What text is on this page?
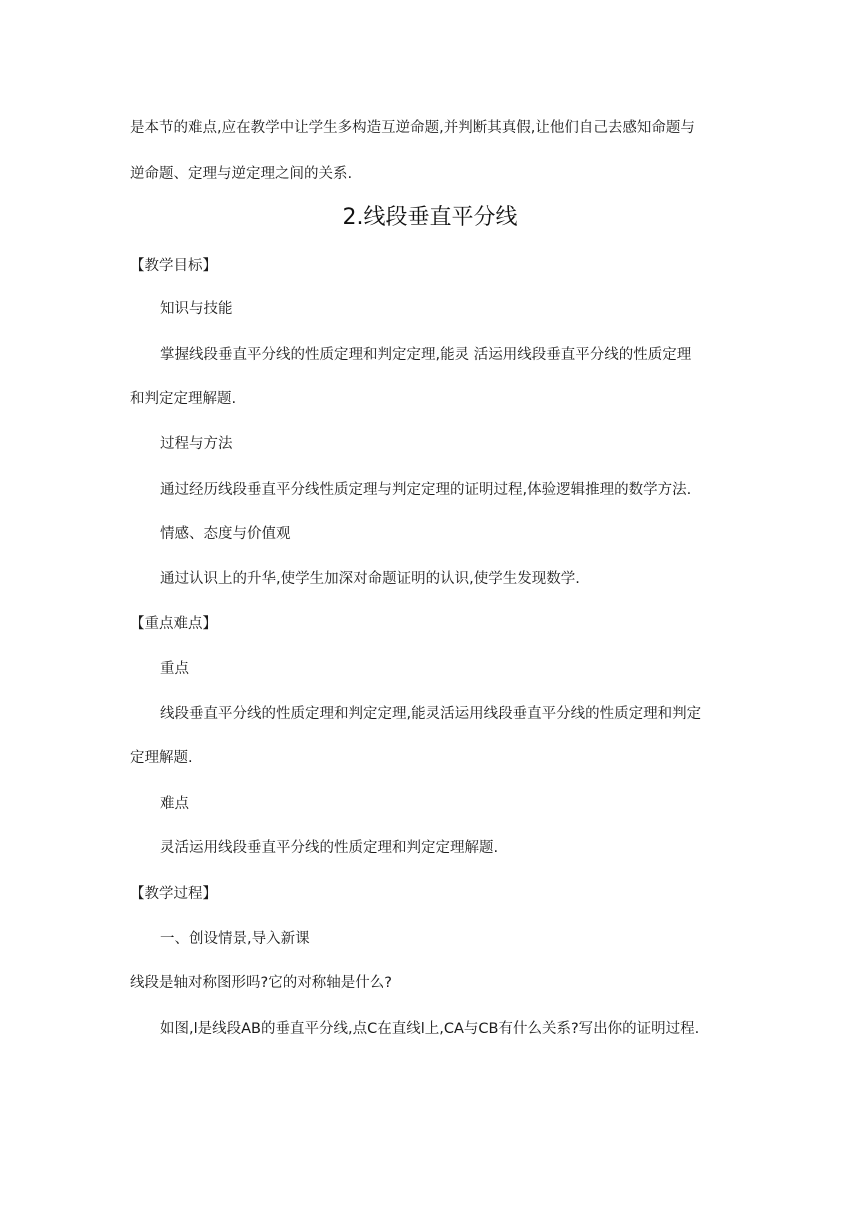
是本节的难点,应在教学中让学生多构造互逆命题,并判断其真假,让他们自己去感知命题与
逆命题、定理与逆定理之间的关系.
2.线段垂直平分线
【教学目标】
知识与技能
掌握线段垂直平分线的性质定理和判定定理,能灵 活运用线段垂直平分线的性质定理
和判定定理解题.
过程与方法
通过经历线段垂直平分线性质定理与判定定理的证明过程,体验逻辑推理的数学方法.
情感、态度与价值观
通过认识上的升华,使学生加深对命题证明的认识,使学生发现数学.
【重点难点】
重点
线段垂直平分线的性质定理和判定定理,能灵活运用线段垂直平分线的性质定理和判定
定理解题.
难点
灵活运用线段垂直平分线的性质定理和判定定理解题.
【教学过程】
一、创设情景,导入新课
线段是轴对称图形吗?它的对称轴是什么?
如图,l是线段AB的垂直平分线,点C在直线l上,CA与CB有什么关系?写出你的证明过程.
